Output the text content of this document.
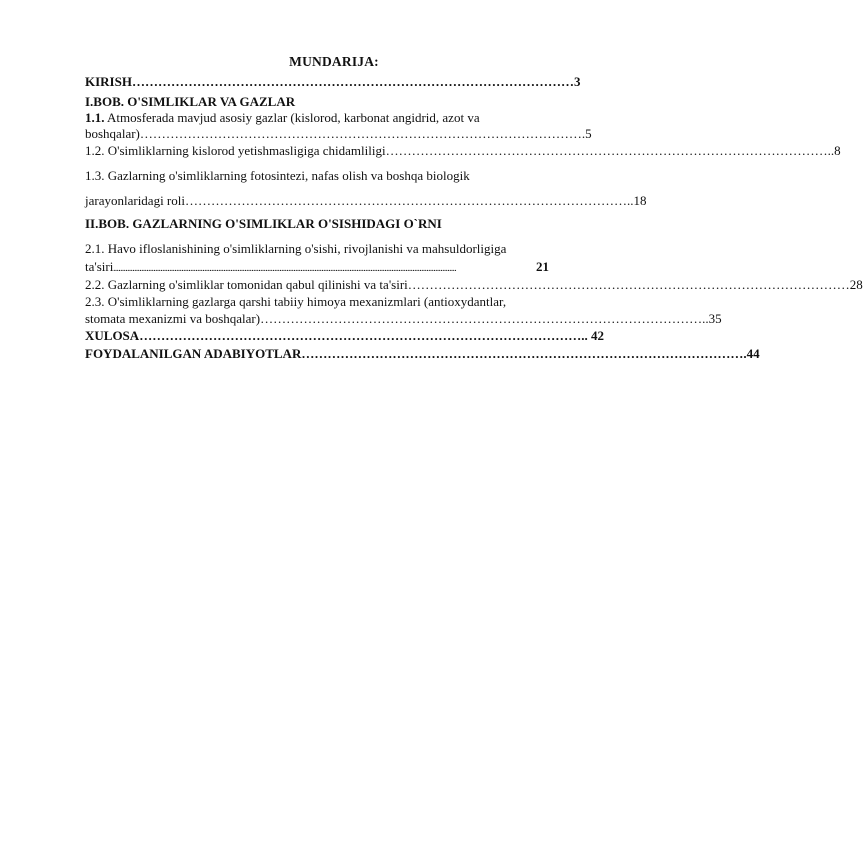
MUNDARIJA:
KIRISH ………………………………………………………………………………………… 3
I.BOB. O'SIMLIKLAR VA GAZLAR
1.1. Atmosferada mavjud asosiy gazlar (kislorod, karbonat angidrid, azot va
boshqalar) ………………………………………………………………………………………… .5
1.2. O'simliklarning kislorod yetishmasligiga chidamliligi ………………………………………………………………………………………… ..8
1.3. Gazlarning o'simliklarning fotosintezi, nafas olish va boshqa biologik
jarayonlaridagi roli ………………………………………………………………………………………… ..18
II.BOB. GAZLARNING O'SIMLIKLAR O'SISHIDAGI O`RNI
2.1. Havo ifloslanishining o'simliklarning o'sishi, rivojlanishi va mahsuldorligiga
ta'siri ....................................................................................................................................................................................................	21
2.2. Gazlarning o'simliklar tomonidan qabul qilinishi va ta'siri ………………………………………………………………………………………… 28
2.3. O'simliklarning gazlarga qarshi tabiiy himoya mexanizmlari (antioxydantlar,
stomata mexanizmi va boshqalar) ………………………………………………………………………………………… ..35
XULOSA ………………………………………………………………………………………… .. 42
FOYDALANILGAN ADABIYOTLAR ………………………………………………………………………………………… .44
